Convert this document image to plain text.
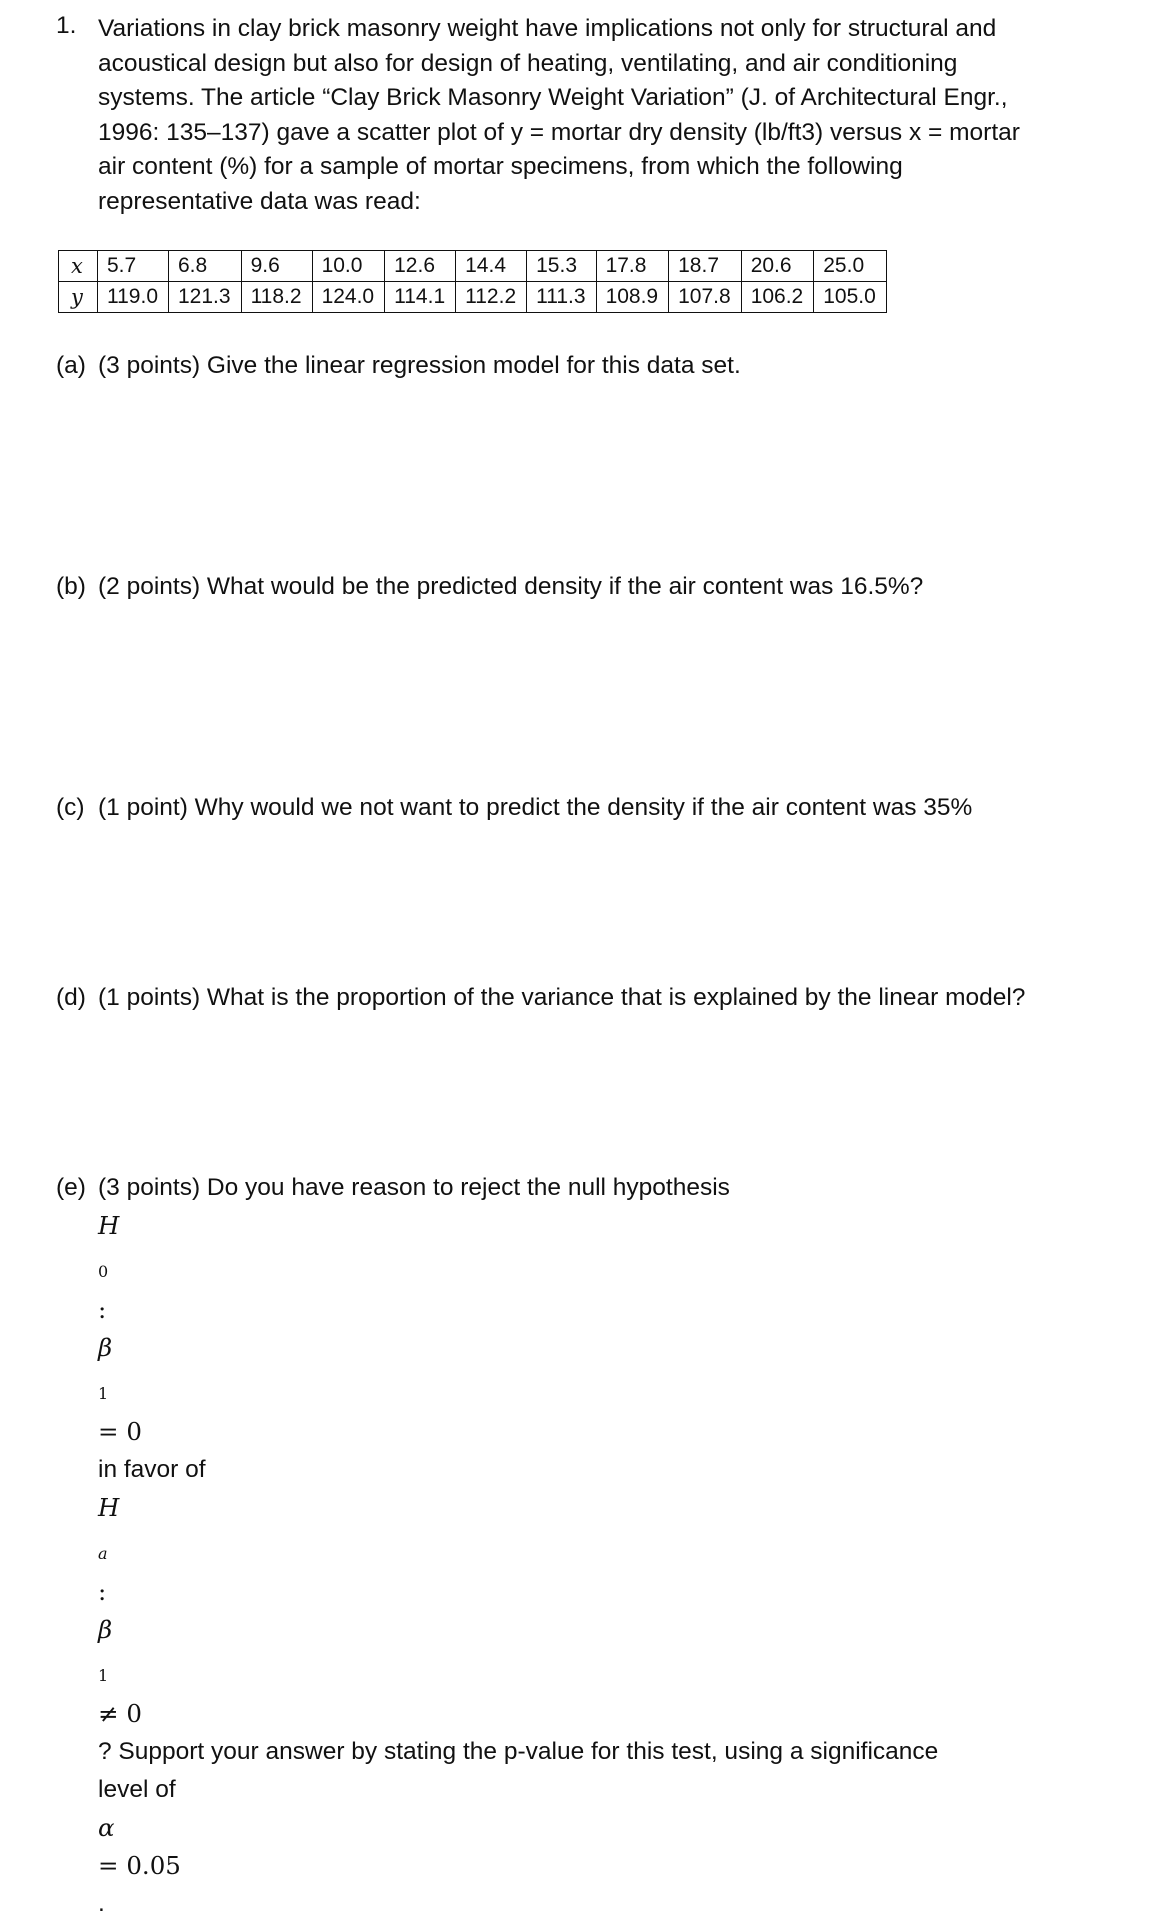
1. Variations in clay brick masonry weight have implications not only for structural and
acoustical design but also for design of heating, ventilating, and air conditioning
systems. The article “Clay Brick Masonry Weight Variation” (J. of Architectural Engr.,
1996: 135–137) gave a scatter plot of y = mortar dry density (lb/ft3) versus x = mortar
air content (%) for a sample of mortar specimens, from which the following
representative data was read:
x	5.7	6.8	9.6	10.0	12.6	14.4	15.3	17.8	18.7	20.6	25.0
y	119.0	121.3	118.2	124.0	114.1	112.2	111.3	108.9	107.8	106.2	105.0
(a) (3 points) Give the linear regression model for this data set.
(b) (2 points) What would be the predicted density if the air content was 16.5%?
(c) (1 point) Why would we not want to predict the density if the air content was 35%
(d) (1 points) What is the proportion of the variance that is explained by the linear model?
(e) (3 points) Do you have reason to reject the null hypothesis
H
$_0$
:
β
$_1$
= 0
in favor of
H
$_a$
:
β
$_1$
≠ 0
? Support your answer by stating the p-value for this test, using a significance
level of
α
= 0.05
.
